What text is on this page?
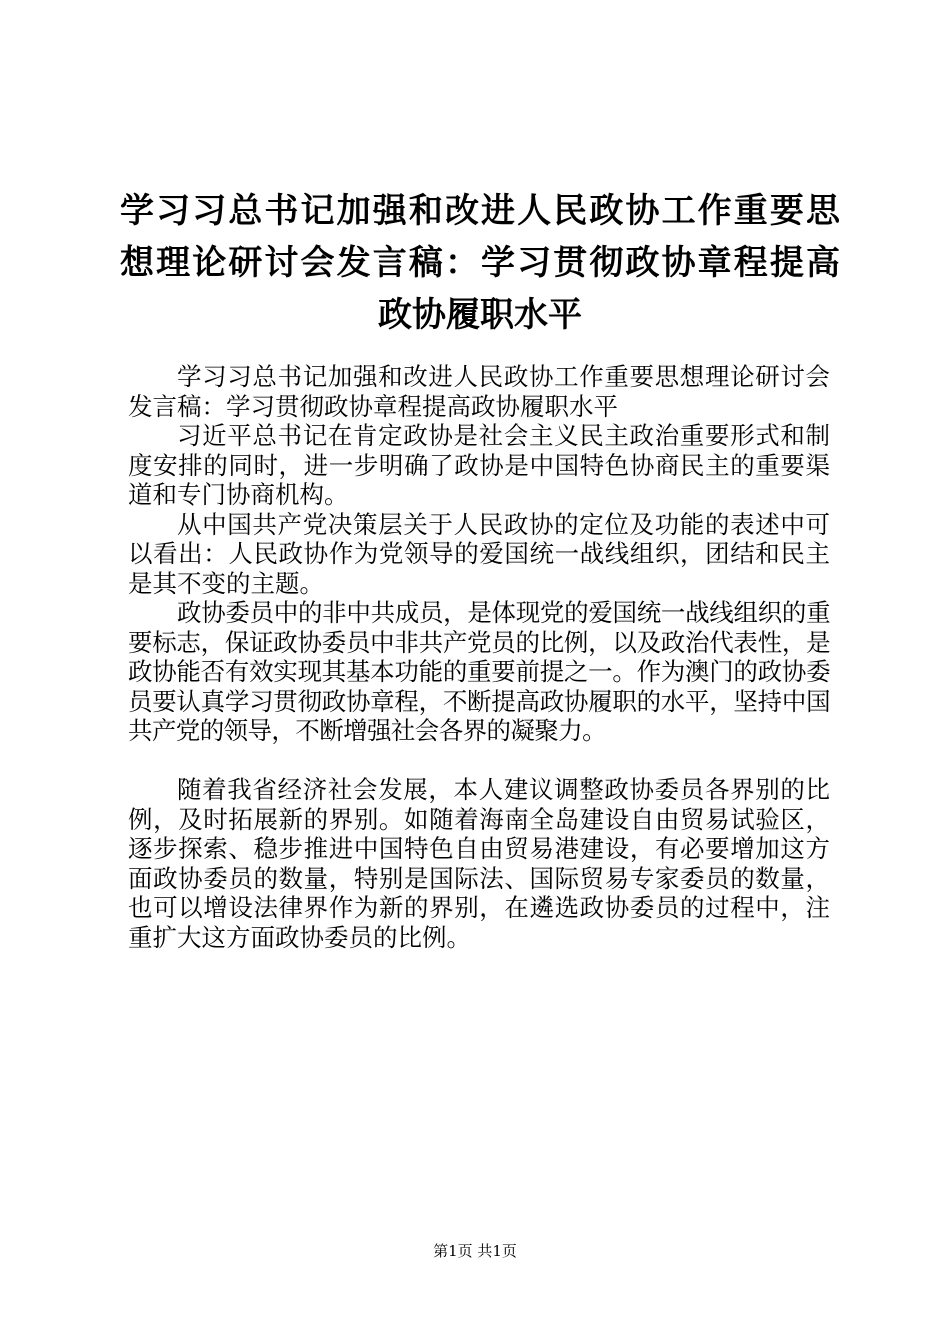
学习习总书记加强和改进人民政协工作重要思
想理论研讨会发言稿：学习贯彻政协章程提高
政协履职水平

学习习总书记加强和改进人民政协工作重要思想理论研讨会发言稿：学习贯彻政协章程提高政协履职水平

习近平总书记在肯定政协是社会主义民主政治重要形式和制度安排的同时，进一步明确了政协是中国特色协商民主的重要渠道和专门协商机构。

从中国共产党决策层关于人民政协的定位及功能的表述中可以看出：人民政协作为党领导的爱国统一战线组织，团结和民主是其不变的主题。

政协委员中的非中共成员，是体现党的爱国统一战线组织的重要标志，保证政协委员中非共产党员的比例，以及政治代表性，是政协能否有效实现其基本功能的重要前提之一。作为澳门的政协委员要认真学习贯彻政协章程，不断提高政协履职的水平，坚持中国共产党的领导，不断增强社会各界的凝聚力。

随着我省经济社会发展，本人建议调整政协委员各界别的比例，及时拓展新的界别。如随着海南全岛建设自由贸易试验区，逐步探索、稳步推进中国特色自由贸易港建设，有必要增加这方面政协委员的数量，特别是国际法、国际贸易专家委员的数量，也可以增设法律界作为新的界别，在遴选政协委员的过程中，注重扩大这方面政协委员的比例。

第1页 共1页
